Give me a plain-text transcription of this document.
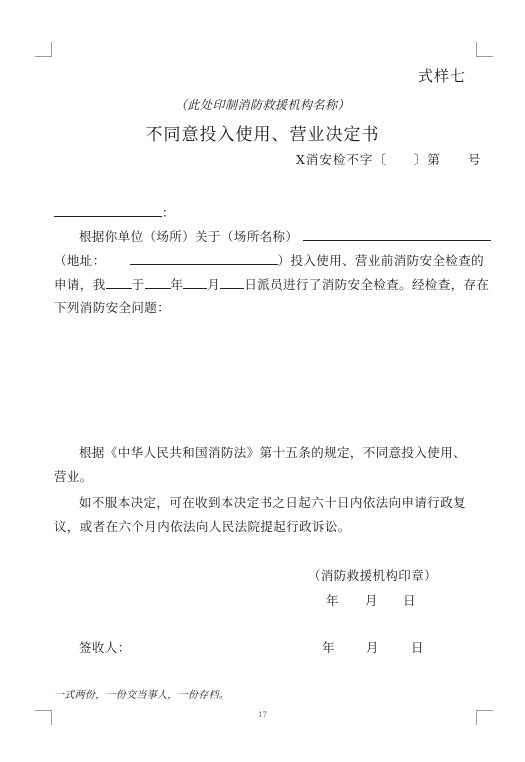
式样七
（此处印制消防救援机构名称）
不同意投入使用、营业决定书
X消安检不字〔　　〕第　　号
：
根据你单位（场所）关于（场所名称）
（地址：	）投入使用、营业前消防安全检查的
申请，我 于 年 月 日派员进行了消防安全检查。经检查，存在
下列消防安全问题：
根据《中华人民共和国消防法》第十五条的规定，不同意投入使用、
营业。
如不服本决定，可在收到本决定书之日起六十日内依法向申请行政复
议，或者在六个月内依法向人民法院提起行政诉讼。
（消防救援机构印章）
年 月 日
签收人：	年 月	日
一式两份，一份交当事人，一份存档。
17
